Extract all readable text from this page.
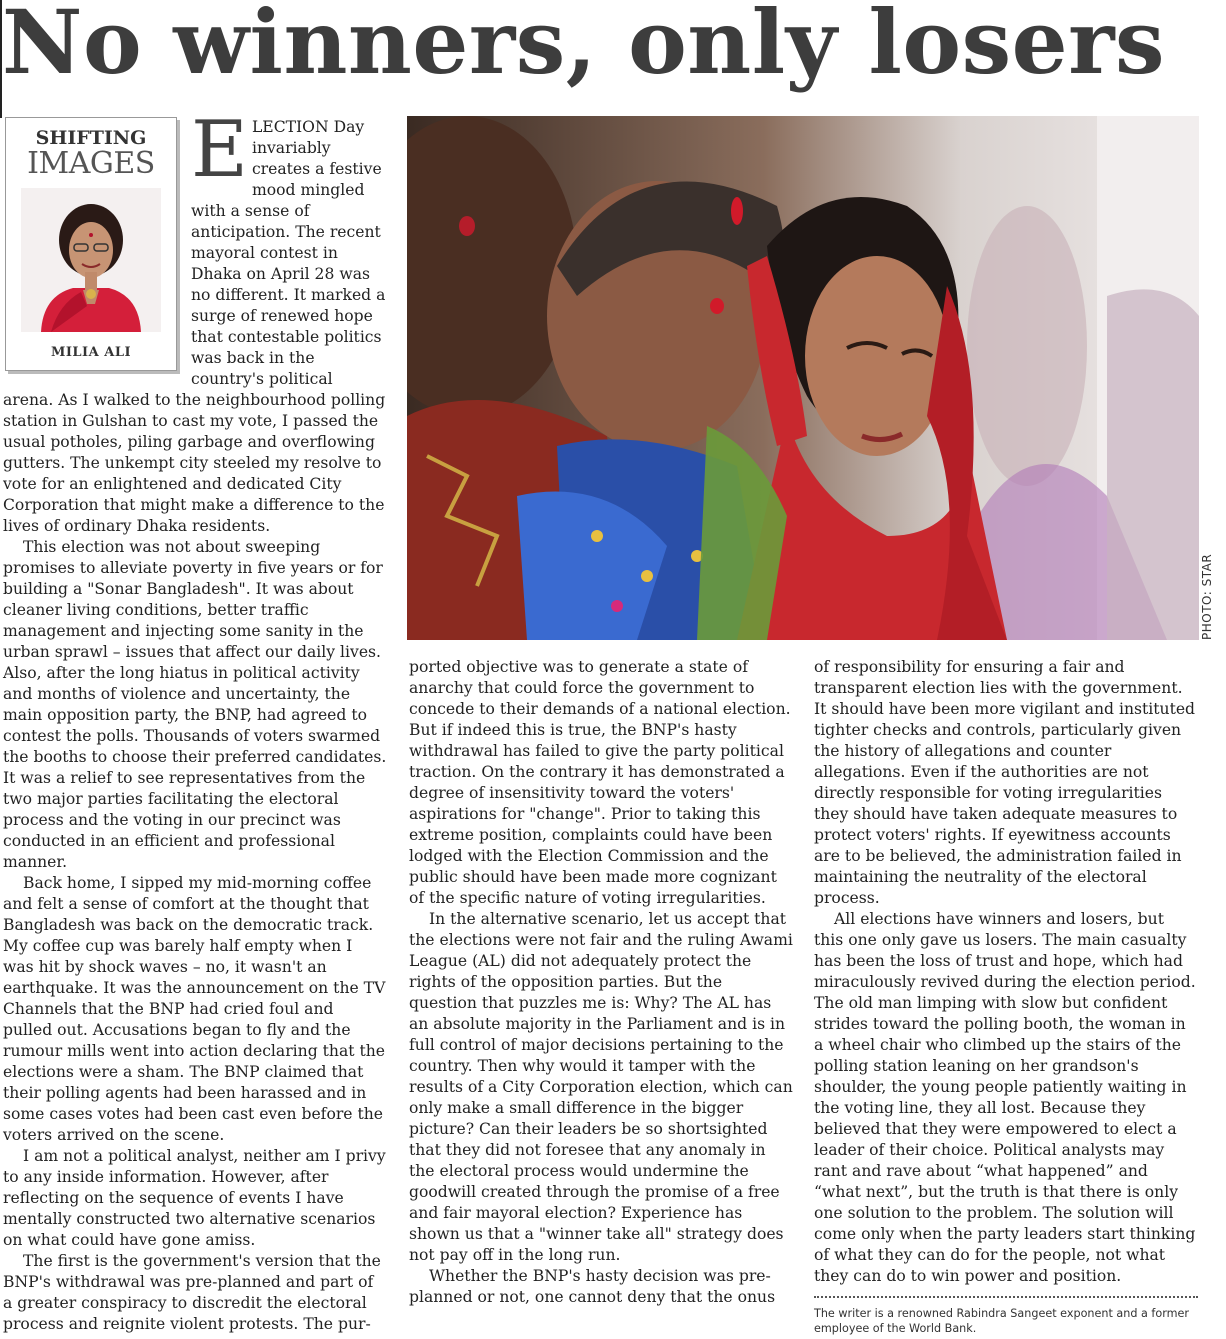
No winners, only losers
SHIFTING
IMAGES
MILIA ALI
E LECTION Day invariably creates a festive mood mingled with a sense of anticipation. The recent mayoral contest in Dhaka on April 28 was no different. It marked a surge of renewed hope that contestable politics was back in the country's political arena. As I walked to the neighbourhood polling station in Gulshan to cast my vote, I passed the usual potholes, piling garbage and overflowing gutters. The unkempt city steeled my resolve to vote for an enlightened and dedicated City Corporation that might make a difference to the lives of ordinary Dhaka residents.

This election was not about sweeping promises to alleviate poverty in five years or for building a "Sonar Bangladesh". It was about cleaner living conditions, better traffic management and injecting some sanity in the urban sprawl – issues that affect our daily lives. Also, after the long hiatus in political activity and months of violence and uncertainty, the main opposition party, the BNP, had agreed to contest the polls. Thousands of voters swarmed the booths to choose their preferred candidates. It was a relief to see representatives from the two major parties facilitating the electoral process and the voting in our precinct was conducted in an efficient and professional manner.

Back home, I sipped my mid-morning coffee and felt a sense of comfort at the thought that Bangladesh was back on the democratic track. My coffee cup was barely half empty when I was hit by shock waves – no, it wasn't an earthquake. It was the announcement on the TV Channels that the BNP had cried foul and pulled out. Accusations began to fly and the rumour mills went into action declaring that the elections were a sham. The BNP claimed that their polling agents had been harassed and in some cases votes had been cast even before the voters arrived on the scene.

I am not a political analyst, neither am I privy to any inside information. However, after reflecting on the sequence of events I have mentally constructed two alternative scenarios on what could have gone amiss.

The first is the government's version that the BNP's withdrawal was pre-planned and part of a greater conspiracy to discredit the electoral process and reignite violent protests. The pur-

PHOTO: STAR

ported objective was to generate a state of anarchy that could force the government to concede to their demands of a national election. But if indeed this is true, the BNP's hasty withdrawal has failed to give the party political traction. On the contrary it has demonstrated a degree of insensitivity toward the voters' aspirations for "change". Prior to taking this extreme position, complaints could have been lodged with the Election Commission and the public should have been made more cognizant of the specific nature of voting irregularities.

In the alternative scenario, let us accept that the elections were not fair and the ruling Awami League (AL) did not adequately protect the rights of the opposition parties. But the question that puzzles me is: Why? The AL has an absolute majority in the Parliament and is in full control of major decisions pertaining to the country. Then why would it tamper with the results of a City Corporation election, which can only make a small difference in the bigger picture? Can their leaders be so shortsighted that they did not foresee that any anomaly in the electoral process would undermine the goodwill created through the promise of a free and fair mayoral election? Experience has shown us that a "winner take all" strategy does not pay off in the long run.

Whether the BNP's hasty decision was pre-planned or not, one cannot deny that the onus

of responsibility for ensuring a fair and transparent election lies with the government. It should have been more vigilant and instituted tighter checks and controls, particularly given the history of allegations and counter allegations. Even if the authorities are not directly responsible for voting irregularities they should have taken adequate measures to protect voters' rights. If eyewitness accounts are to be believed, the administration failed in maintaining the neutrality of the electoral process.

All elections have winners and losers, but this one only gave us losers. The main casualty has been the loss of trust and hope, which had miraculously revived during the election period. The old man limping with slow but confident strides toward the polling booth, the woman in a wheel chair who climbed up the stairs of the polling station leaning on her grandson's shoulder, the young people patiently waiting in the voting line, they all lost. Because they believed that they were empowered to elect a leader of their choice. Political analysts may rant and rave about “what happened” and “what next”, but the truth is that there is only one solution to the problem. The solution will come only when the party leaders start thinking of what they can do for the people, not what they can do to win power and position.

The writer is a renowned Rabindra Sangeet exponent and a former employee of the World Bank.
